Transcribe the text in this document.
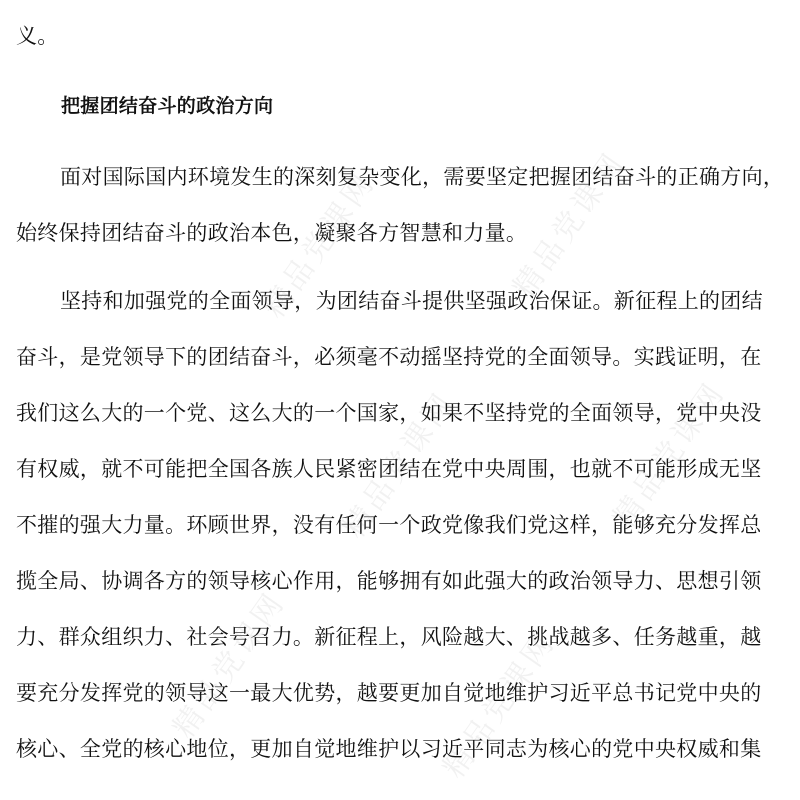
义。
把握团结奋斗的政治方向
面对国际国内环境发生的深刻复杂变化，需要坚定把握团结奋斗的正确方向，
始终保持团结奋斗的政治本色，凝聚各方智慧和力量。
坚持和加强党的全面领导，为团结奋斗提供坚强政治保证。新征程上的团结
奋斗，是党领导下的团结奋斗，必须毫不动摇坚持党的全面领导。实践证明，在
我们这么大的一个党、这么大的一个国家，如果不坚持党的全面领导，党中央没
有权威，就不可能把全国各族人民紧密团结在党中央周围，也就不可能形成无坚
不摧的强大力量。环顾世界，没有任何一个政党像我们党这样，能够充分发挥总
揽全局、协调各方的领导核心作用，能够拥有如此强大的政治领导力、思想引领
力、群众组织力、社会号召力。新征程上，风险越大、挑战越多、任务越重，越
要充分发挥党的领导这一最大优势，越要更加自觉地维护习近平总书记党中央的
核心、全党的核心地位，更加自觉地维护以习近平同志为核心的党中央权威和集
精品党课网	精品党课网
精品党课网	精品党课网
精品党课网	精品党课网
